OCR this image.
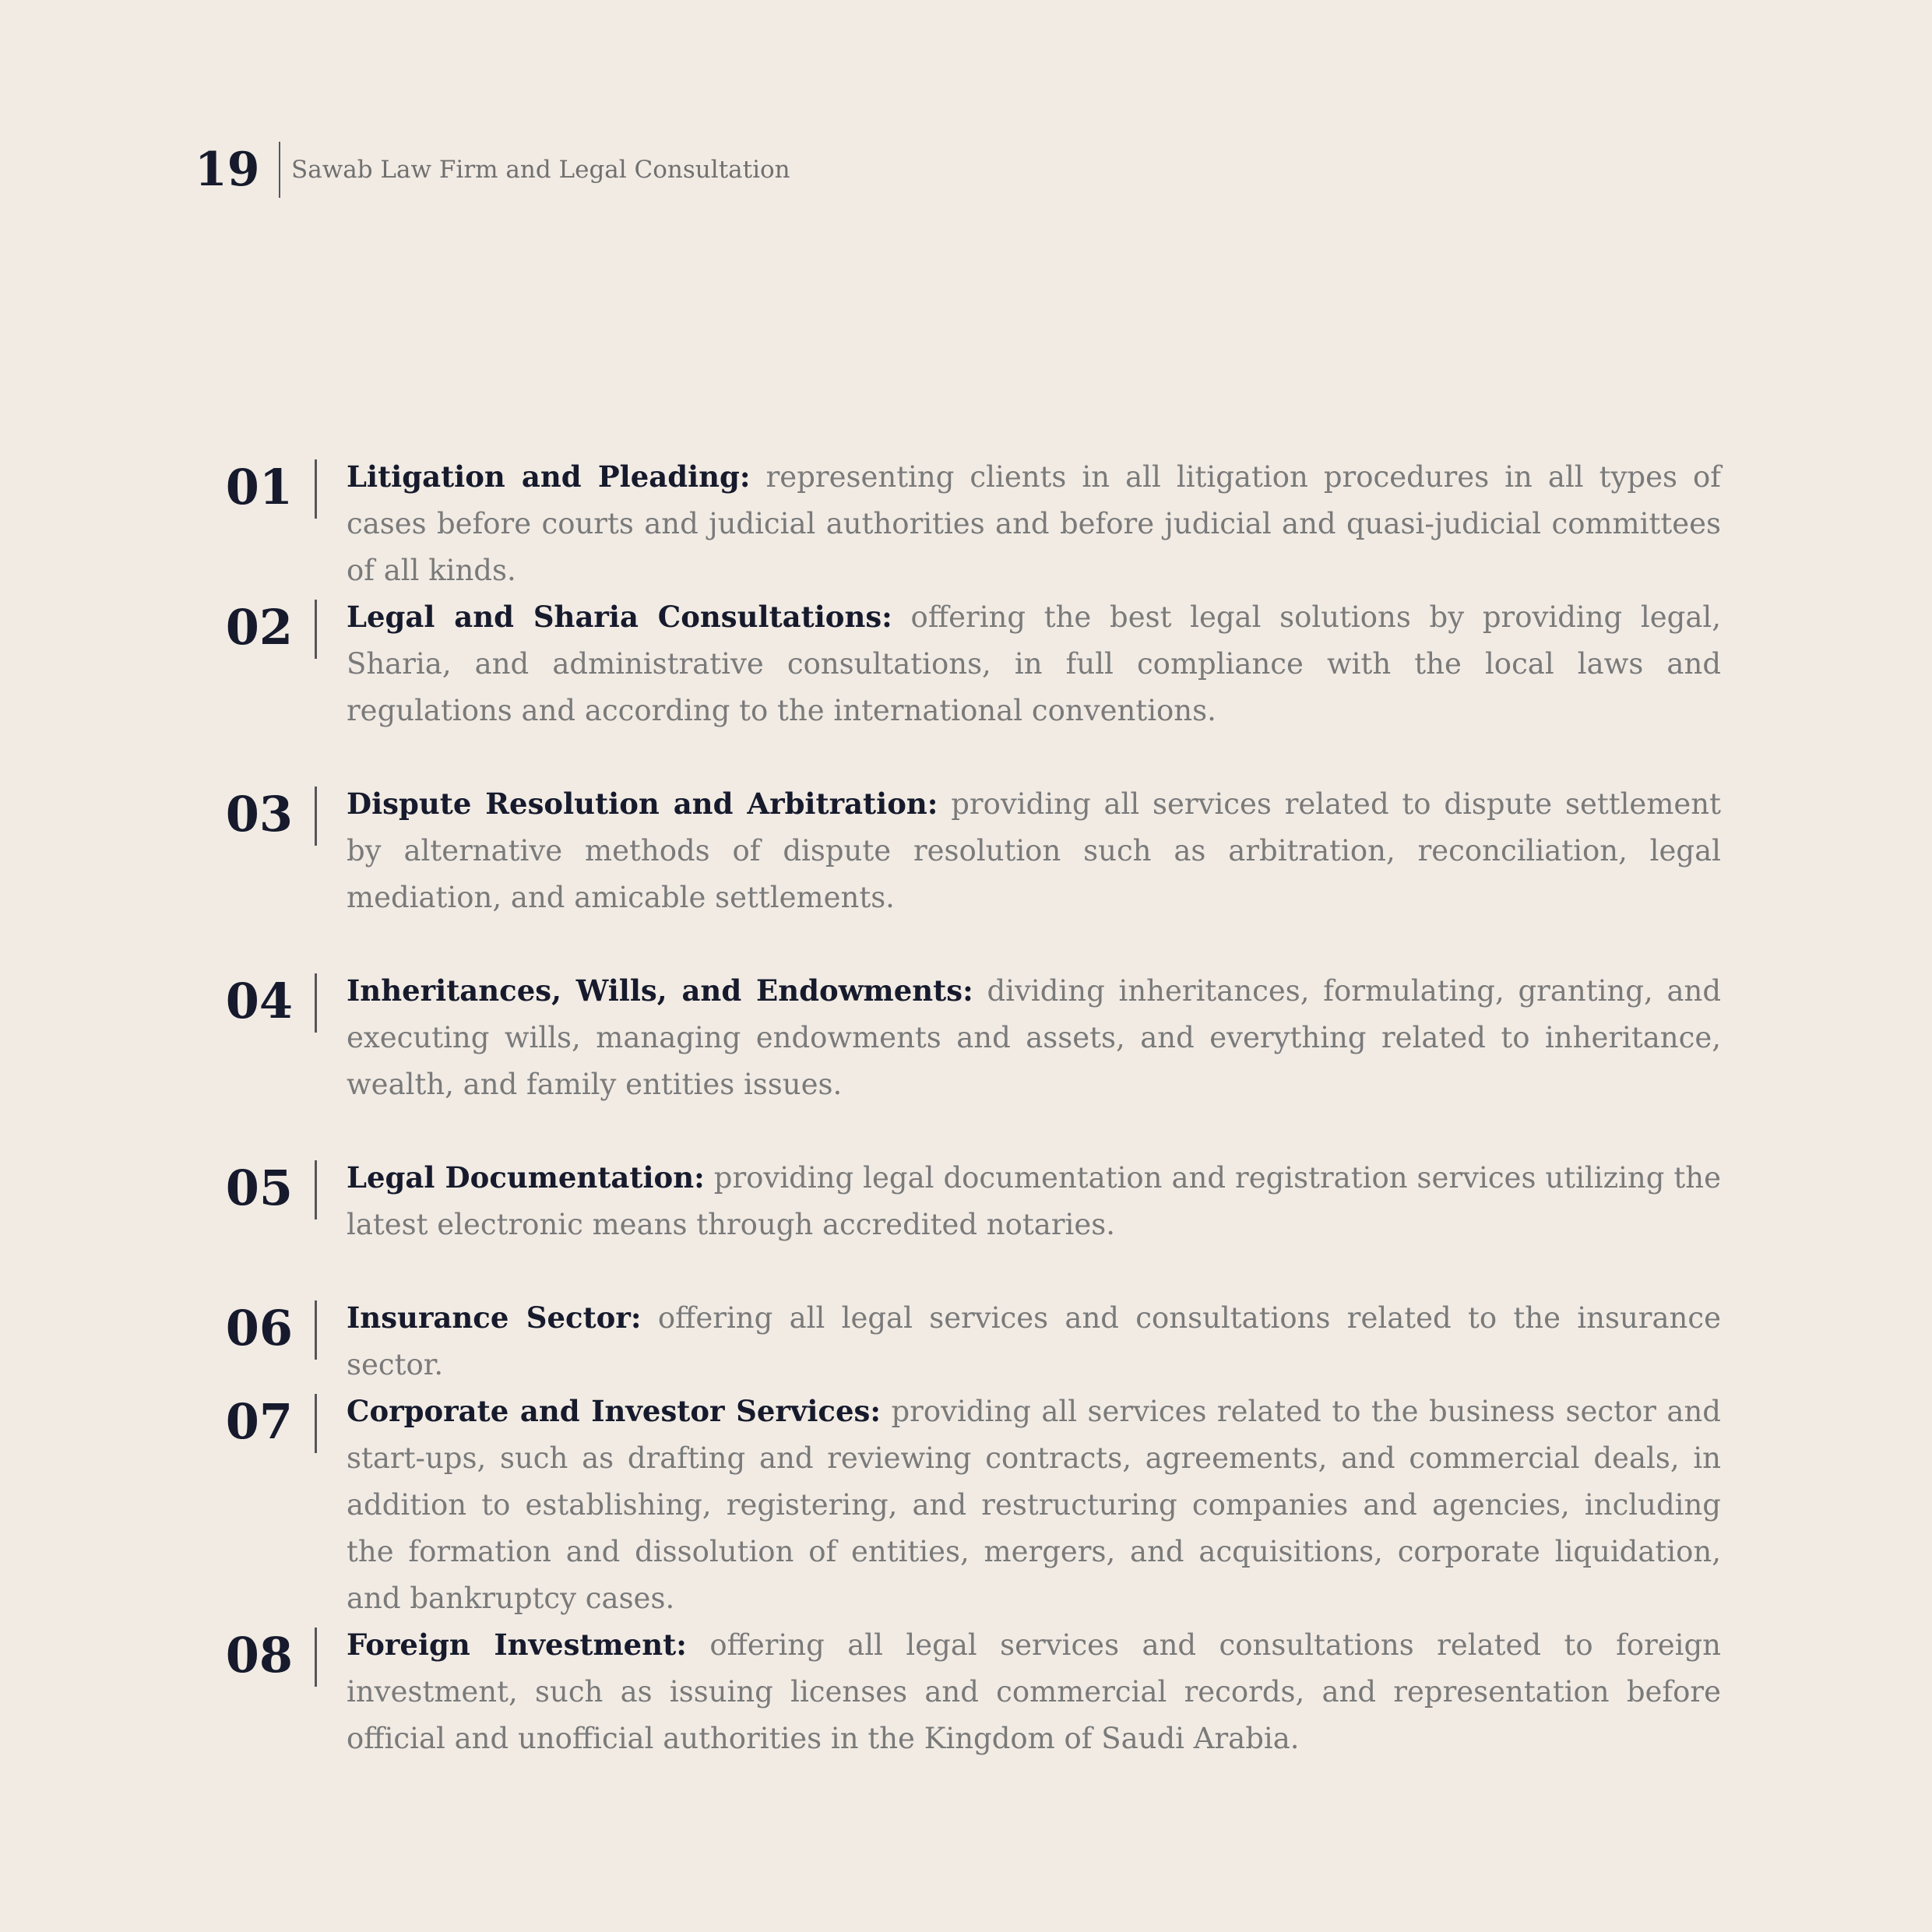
19	Sawab Law Firm and Legal Consultation
01 Litigation and Pleading: representing clients in all litigation procedures in all types of cases before courts and judicial authorities and before judicial and quasi-judicial committees of all kinds.

02 Legal and Sharia Consultations: offering the best legal solutions by providing legal, Sharia, and administrative consultations, in full compliance with the local laws and regulations and according to the international conventions.

03 Dispute Resolution and Arbitration: providing all services related to dispute settlement by alternative methods of dispute resolution such as arbitration, reconciliation, legal mediation, and amicable settlements.

04 Inheritances, Wills, and Endowments: dividing inheritances, formulating, granting, and executing wills, managing endowments and assets, and everything related to inheritance, wealth, and family entities issues.

05 Legal Documentation: providing legal documentation and registration services utilizing the latest electronic means through accredited notaries.

06 Insurance Sector: offering all legal services and consultations related to the insurance sector.

07 Corporate and Investor Services: providing all services related to the business sector and start-ups, such as drafting and reviewing contracts, agreements, and commercial deals, in addition to establishing, registering, and restructuring companies and agencies, including the formation and dissolution of entities, mergers, and acquisitions, corporate liquidation, and bankruptcy cases.

08 Foreign Investment: offering all legal services and consultations related to foreign investment, such as issuing licenses and commercial records, and representation before official and unofficial authorities in the Kingdom of Saudi Arabia.
